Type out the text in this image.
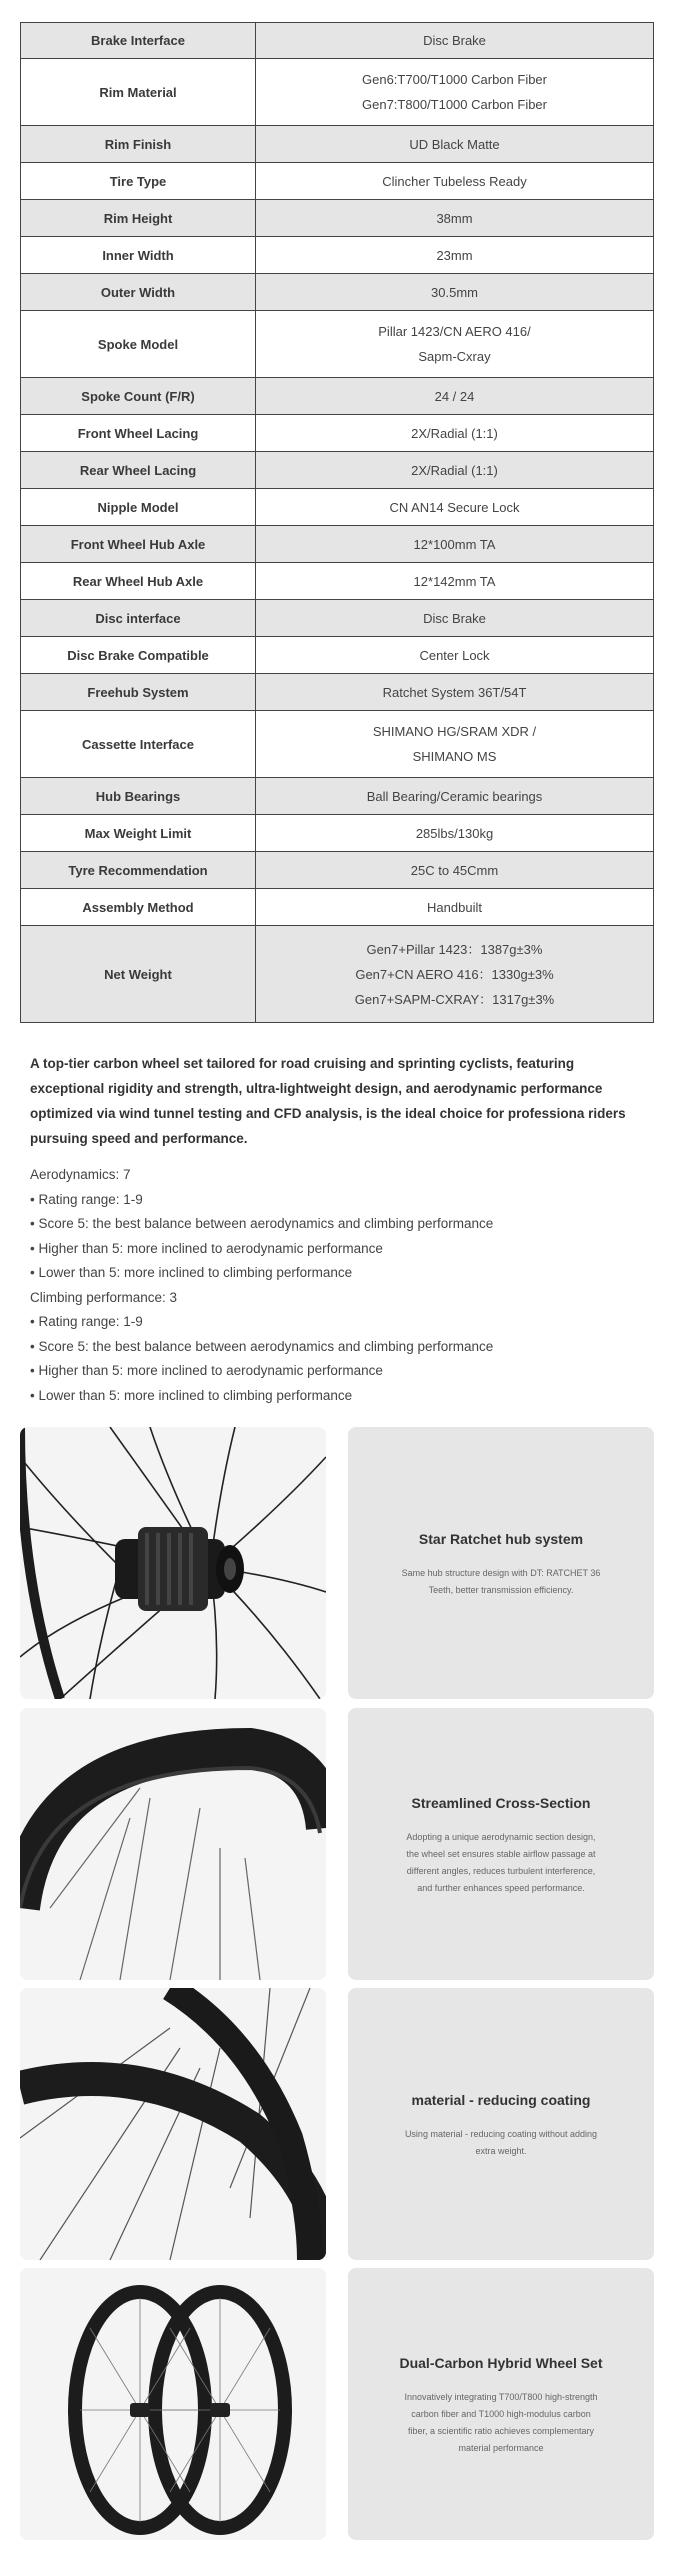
Brake Interface	Disc Brake

Rim Material	Gen6:T700/T1000 Carbon Fiber
Gen7:T800/T1000 Carbon Fiber

Rim Finish	UD Black Matte

Tire Type	Clincher Tubeless Ready

Rim Height	38mm

Inner Width	23mm

Outer Width	30.5mm

Spoke Model	Pillar 1423/CN AERO 416/
Sapm-Cxray

Spoke Count (F/R)	24 / 24

Front Wheel Lacing	2X/Radial (1:1)

Rear Wheel Lacing	2X/Radial (1:1)

Nipple Model	CN AN14 Secure Lock

Front Wheel Hub Axle	12*100mm TA

Rear Wheel Hub Axle	12*142mm TA

Disc interface	Disc Brake

Disc Brake Compatible	Center Lock

Freehub System	Ratchet System 36T/54T

Cassette Interface	SHIMANO HG/SRAM XDR /
SHIMANO MS

Hub Bearings	Ball Bearing/Ceramic bearings

Max Weight Limit	285lbs/130kg

Tyre Recommendation	25C to 45Cmm

Assembly Method	Handbuilt

Net Weight	Gen7+Pillar 1423：1387g±3%
Gen7+CN AERO 416：1330g±3%
Gen7+SAPM-CXRAY：1317g±3%

A top-tier carbon wheel set tailored for road cruising and sprinting cyclists, featuring exceptional rigidity and strength, ultra-lightweight design, and aerodynamic performance optimized via wind tunnel testing and CFD analysis, is the ideal choice for professiona riders pursuing speed and performance.

Aerodynamics: 7
• Rating range: 1-9
• Score 5: the best balance between aerodynamics and climbing performance
• Higher than 5: more inclined to aerodynamic performance
• Lower than 5: more inclined to climbing performance
Climbing performance: 3
• Rating range: 1-9
• Score 5: the best balance between aerodynamics and climbing performance
• Higher than 5: more inclined to aerodynamic performance
• Lower than 5: more inclined to climbing performance
Star Ratchet hub system
Same hub structure design with DT: RATCHET 36 Teeth, better transmission efficiency.
Streamlined Cross-Section
Adopting a unique aerodynamic section design, the wheel set ensures stable airflow passage at different angles, reduces turbulent interference, and further enhances speed performance.
material - reducing coating
Using material - reducing coating without adding extra weight.
Dual-Carbon Hybrid Wheel Set
Innovatively integrating T700/T800 high-strength carbon fiber and T1000 high-modulus carbon fiber, a scientific ratio achieves complementary material performance
